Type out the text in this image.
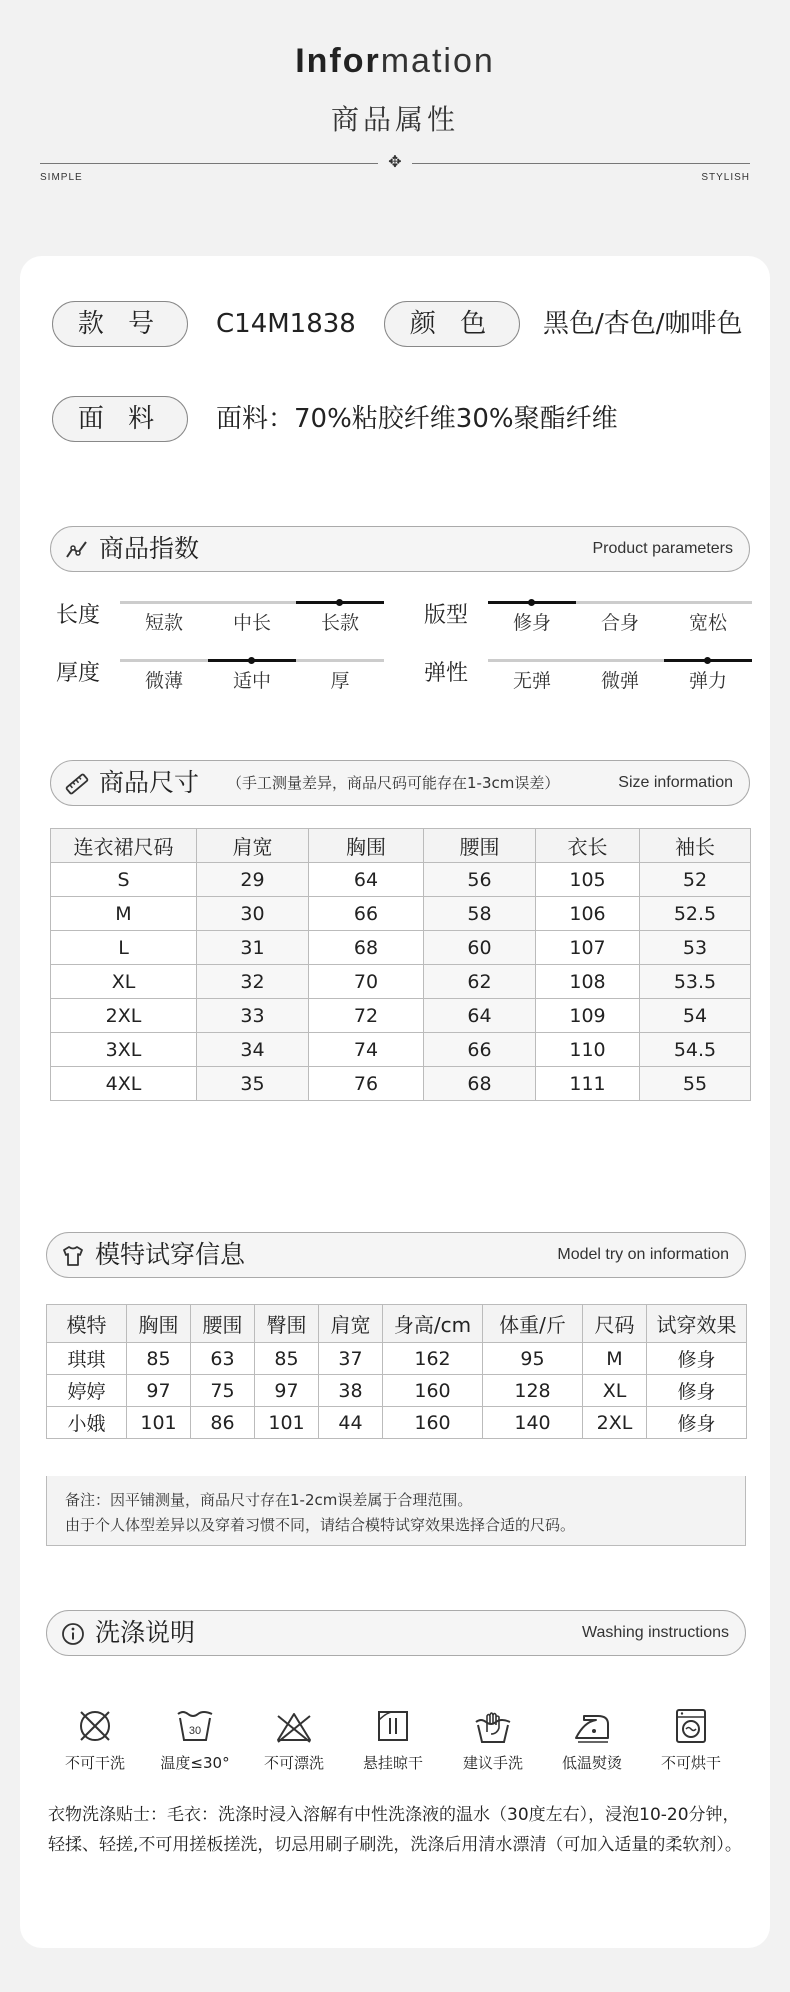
Information
商品属性
✥
SIMPLE	STYLISH
款 号	C14M1838	颜 色	黑色/杏色/咖啡色
面 料	面料：70%粘胶纤维30%聚酯纤维
商品指数	Product parameters
长度	短款	中长	长款	版型	修身	合身	宽松
厚度	微薄	适中	厚	弹性	无弹	微弹	弹力
商品尺寸 （手工测量差异，商品尺码可能存在1-3cm误差）	Size information
连衣裙尺码	肩宽	胸围	腰围	衣长	袖长
S	29	64	56	105	52
M	30	66	58	106	52.5
L	31	68	60	107	53
XL	32	70	62	108	53.5
2XL	33	72	64	109	54
3XL	34	74	66	110	54.5
4XL	35	76	68	111	55
模特试穿信息	Model try on information
模特	胸围	腰围	臀围	肩宽	身高/cm	体重/斤	尺码	试穿效果
琪琪	85	63	85	37	162	95	M	修身
婷婷	97	75	97	38	160	128	XL	修身
小娥	101	86	101	44	160	140	2XL	修身
备注：因平铺测量，商品尺寸存在1-2cm误差属于合理范围。
由于个人体型差异以及穿着习惯不同，请结合模特试穿效果选择合适的尺码。
洗涤说明	Washing instructions
不可干洗
30
温度≤30°	不可漂洗	悬挂晾干	建议手洗	低温熨烫	不可烘干
衣物洗涤贴士：毛衣：洗涤时浸入溶解有中性洗涤液的温水（30度左右），浸泡10-20分钟，轻揉、轻搓,不可用搓板搓洗，切忌用刷子刷洗，洗涤后用清水漂清（可加入适量的柔软剂）。
